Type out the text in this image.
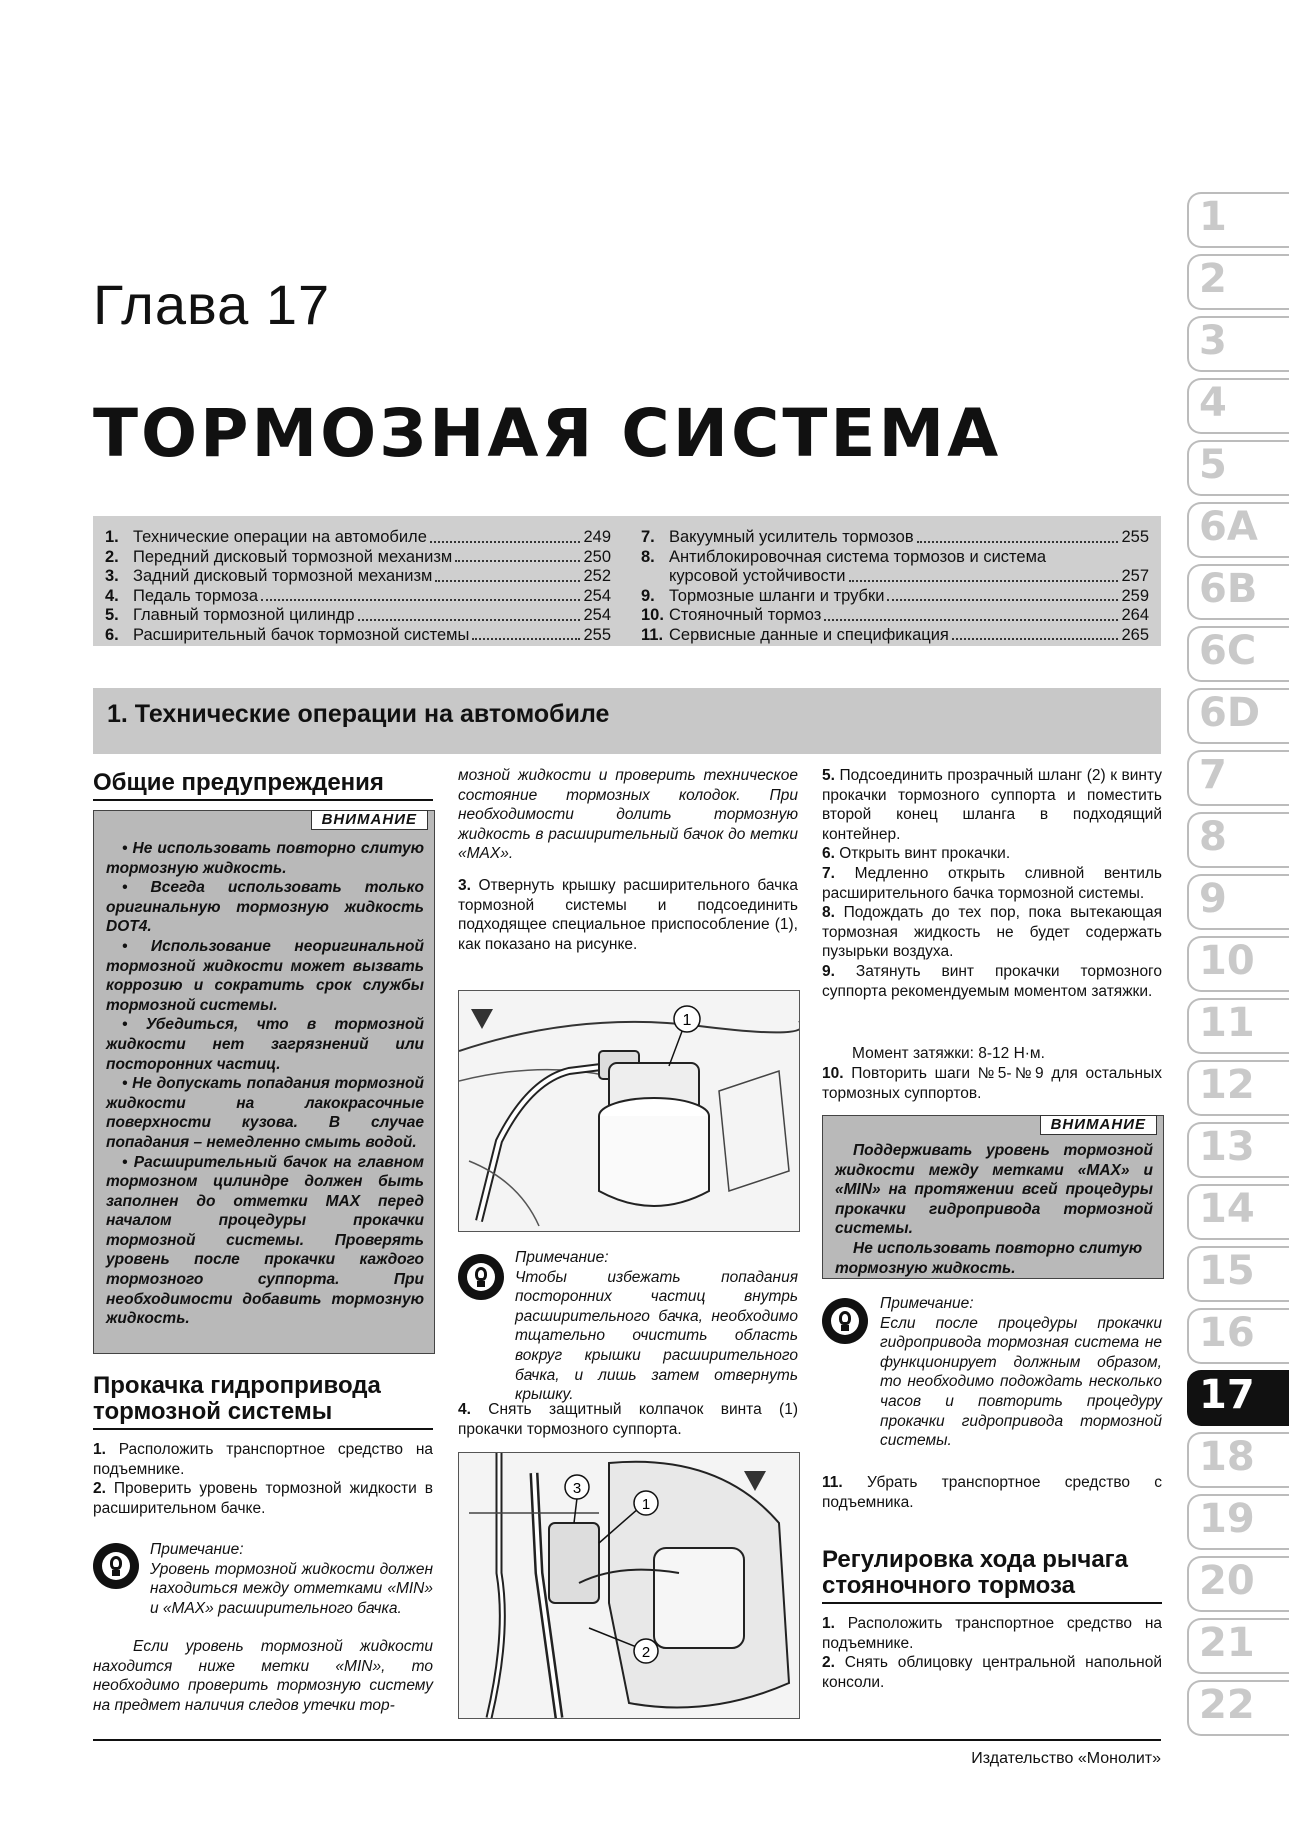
Глава 17
ТОРМОЗНАЯ СИСТЕМА
1. Технические операции на автомобиле	249
2. Передний дисковый тормозной механизм	250
3. Задний дисковый тормозной механизм	252
4. Педаль тормоза	254
5. Главный тормозной цилиндр	254
6. Расширительный бачок тормозной системы	255
7. Вакуумный усилитель тормозов	255
8. Антиблокировочная система тормозов и система
курсовой устойчивости	257
9. Тормозные шланги и трубки	259
10. Стояночный тормоз	264
11. Сервисные данные и спецификация	265
1. Технические операции на автомобиле
Общие предупреждения
ВНИМАНИЕ
• Не использовать повторно слитую тормозную жидкость.
• Всегда использовать только оригинальную тормозную жидкость DOT4.
• Использование неоригинальной тормозной жидкости может вызвать коррозию и сократить срок службы тормозной системы.
• Убедиться, что в тормозной жидкости нет загрязнений или посторонних частиц.
• Не допускать попадания тормозной жидкости на лакокрасочные поверхности кузова. В случае попадания – немедленно смыть водой.
• Расширительный бачок на главном тормозном цилиндре должен быть заполнен до отметки MAX перед началом процедуры прокачки тормозной системы. Проверять уровень после прокачки каждого тормозного суппорта. При необходимости добавить тормозную жидкость.
Прокачка гидропривода тормозной системы
1. Расположить транспортное средство на подъемнике.
2. Проверить уровень тормозной жидкости в расширительном бачке.
Примечание:
Уровень тормозной жидкости должен находиться между отметками «MIN» и «MAX» расширительного бачка.
Если уровень тормозной жидкости находится ниже метки «MIN», то необходимо проверить тормозную систему на предмет наличия следов утечки тор-
мозной жидкости и проверить техническое состояние тормозных колодок. При необходимости долить тормозную жидкость в расширительный бачок до метки «MAX».
3. Отвернуть крышку расширительного бачка тормозной системы и подсоединить подходящее специальное приспособление (1), как показано на рисунке.
1
Примечание:
Чтобы избежать попадания посторонних частиц внутрь расширительного бачка, необходимо тщательно очистить область вокруг крышки расширительного бачка, и лишь затем отвернуть крышку.
4. Снять защитный колпачок винта (1) прокачки тормозного суппорта.
1
2
3
5. Подсоединить прозрачный шланг (2) к винту прокачки тормозного суппорта и поместить второй конец шланга в подходящий контейнер.
6. Открыть винт прокачки.
7. Медленно открыть сливной вентиль расширительного бачка тормозной системы.
8. Подождать до тех пор, пока вытекающая тормозная жидкость не будет содержать пузырьки воздуха.
9. Затянуть винт прокачки тормозного суппорта рекомендуемым моментом затяжки.
Момент затяжки: 8-12 Н·м.
10. Повторить шаги №5-№9 для остальных тормозных суппортов.
ВНИМАНИЕ
Поддерживать уровень тормозной жидкости между метками «MAX» и «MIN» на протяжении всей процедуры прокачки гидропривода тормозной системы.
Не использовать повторно слитую тормозную жидкость.
Примечание:
Если после процедуры прокачки гидропривода тормозная система не функционирует должным образом, то необходимо подождать несколько часов и повторить процедуру прокачки гидропривода тормозной системы.
11. Убрать транспортное средство с подъемника.
Регулировка хода рычага стояночного тормоза
1. Расположить транспортное средство на подъемнике.
2. Снять облицовку центральной напольной консоли.
1
2
3
4
5
6A
6B
6C
6D
7
8
9
10
11
12
13
14
15
16
17
18
19
20
21
22
Издательство «Монолит»
